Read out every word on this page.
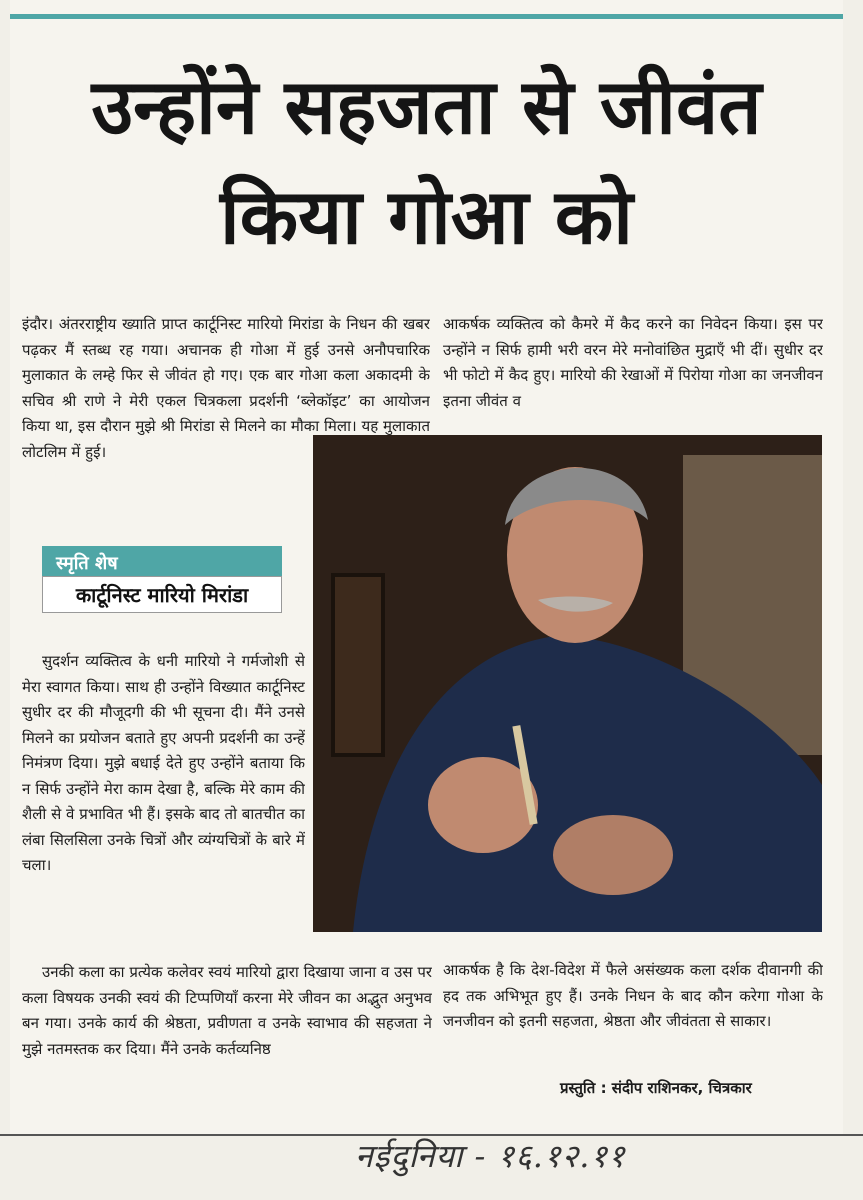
उन्होंने सहजता से जीवंत
किया गोआ को

इंदौर। अंतरराष्ट्रीय ख्याति प्राप्त कार्टूनिस्ट मारियो मिरांडा के निधन की खबर पढ़कर मैं स्तब्ध रह गया। अचानक ही गोआ में हुई उनसे अनौपचारिक मुलाकात के लम्हे फिर से जीवंत हो गए। एक बार गोआ कला अकादमी के सचिव श्री राणे ने मेरी एकल चित्रकला प्रदर्शनी ‘ब्लेकॉइट’ का आयोजन किया था, इस दौरान मुझे श्री मिरांडा से मिलने का मौका मिला। यह मुलाकात लोटलिम में हुई।

स्मृति शेष
कार्टूनिस्ट मारियो मिरांडा

सुदर्शन व्यक्तित्व के धनी मारियो ने गर्मजोशी से मेरा स्वागत किया। साथ ही उन्होंने विख्यात कार्टूनिस्ट सुधीर दर की मौजूदगी की भी सूचना दी। मैंने उनसे मिलने का प्रयोजन बताते हुए अपनी प्रदर्शनी का उन्हें निमंत्रण दिया। मुझे बधाई देते हुए उन्होंने बताया कि न सिर्फ उन्होंने मेरा काम देखा है, बल्कि मेरे काम की शैली से वे प्रभावित भी हैं। इसके बाद तो बातचीत का लंबा सिलसिला उनके चित्रों और व्यंग्यचित्रों के बारे में चला।

उनकी कला का प्रत्येक कलेवर स्वयं मारियो द्वारा दिखाया जाना व उस पर कला विषयक उनकी स्वयं की टिप्पणियाँ करना मेरे जीवन का अद्भुत अनुभव बन गया। उनके कार्य की श्रेष्ठता, प्रवीणता व उनके स्वाभाव की सहजता ने मुझे नतमस्तक कर दिया। मैंने उनके कर्तव्यनिष्ठ

आकर्षक व्यक्तित्व को कैमरे में कैद करने का निवेदन किया। इस पर उन्होंने न सिर्फ हामी भरी वरन मेरे मनोवांछित मुद्राएँ भी दीं। सुधीर दर भी फोटो में कैद हुए। मारियो की रेखाओं में पिरोया गोआ का जनजीवन इतना जीवंत व

आकर्षक है कि देश-विदेश में फैले असंख्यक कला दर्शक दीवानगी की हद तक अभिभूत हुए हैं। उनके निधन के बाद कौन करेगा गोआ के जनजीवन को इतनी सहजता, श्रेष्ठता और जीवंतता से साकार।

प्रस्तुति : संदीप राशिनकर, चित्रकार
नईदुनिया - १६.१२.११
